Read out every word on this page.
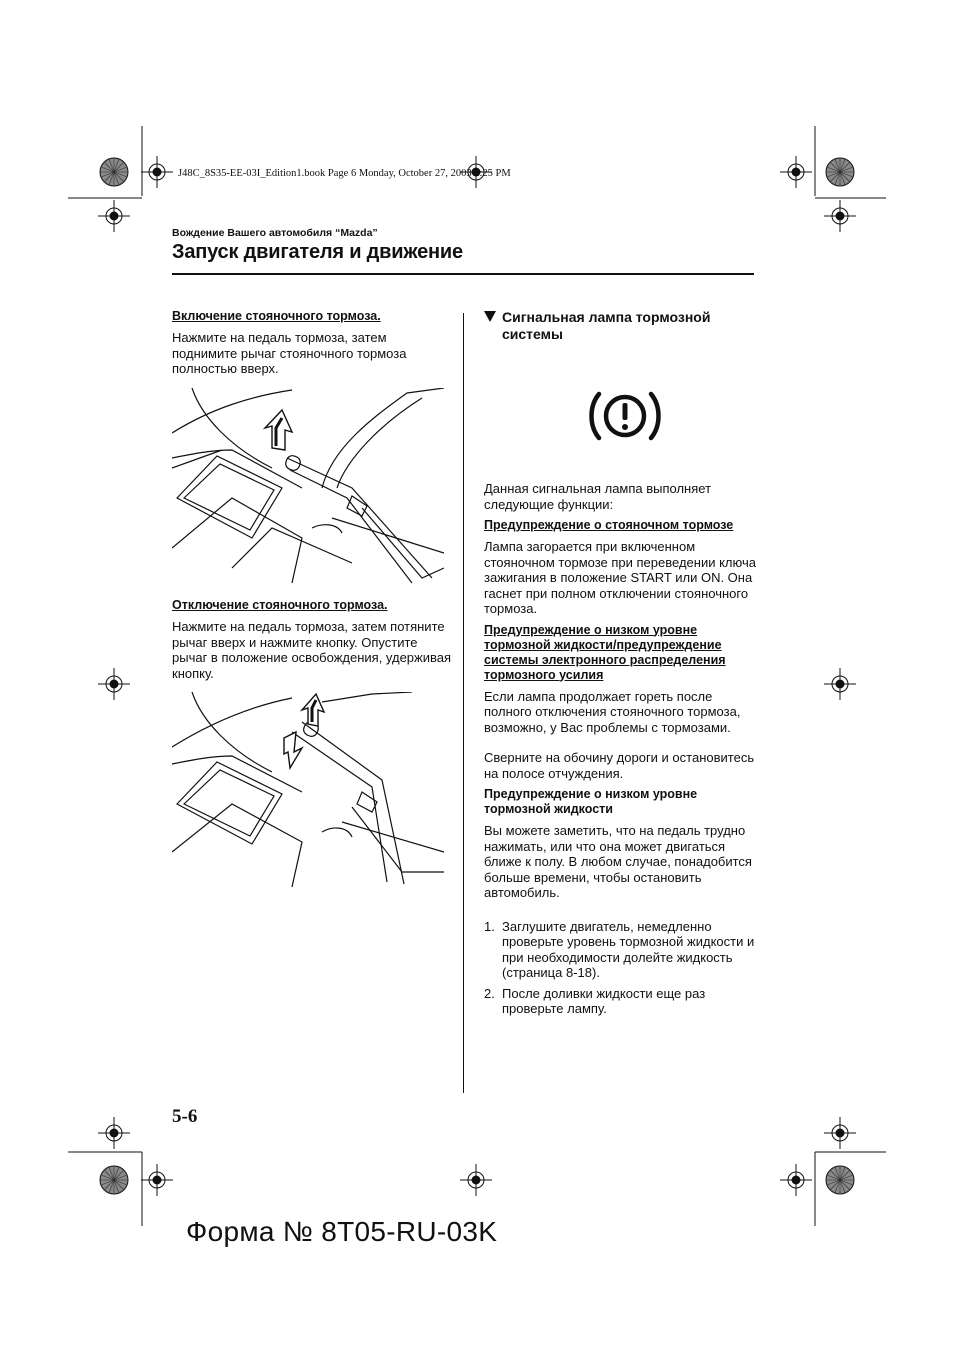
J48C_8S35-EE-03I_Edition1.book Page 6 Monday, October 27, 2003 2:25 PM
Вождение Вашего автомобиля “Mazda”
Запуск двигателя и движение
Включение стояночного тормоза.

Нажмите на педаль тормоза, затем поднимите рычаг стояночного тормоза полностью вверх.

Отключение стояночного тормоза.

Нажмите на педаль тормоза, затем потяните рычаг вверх и нажмите кнопку. Опустите рычаг в положение освобождения, удерживая кнопку.

Сигнальная лампа тормозной системы

Данная сигнальная лампа выполняет следующие функции:

Предупреждение о стояночном тормозе

Лампа загорается при включенном стояночном тормозе при переведении ключа зажигания в положение START или ON. Она гаснет при полном отключении стояночного тормоза.

Предупреждение о низком уровне тормозной жидкости/предупреждение системы электронного распределения тормозного усилия

Если лампа продолжает гореть после полного отключения стояночного тормоза, возможно, у Вас проблемы с тормозами.

Сверните на обочину дороги и остановитесь на полосе отчуждения.

Предупреждение о низком уровне тормозной жидкости

Вы можете заметить, что на педаль трудно нажимать, или что она может двигаться ближе к полу. В любом случае, понадобится больше времени, чтобы остановить автомобиль.

1. Заглушите двигатель, немедленно проверьте уровень тормозной жидкости и при необходимости долейте жидкость (страница 8-18).
2. После доливки жидкости еще раз проверьте лампу.
5-6
Форма № 8T05-RU-03K
